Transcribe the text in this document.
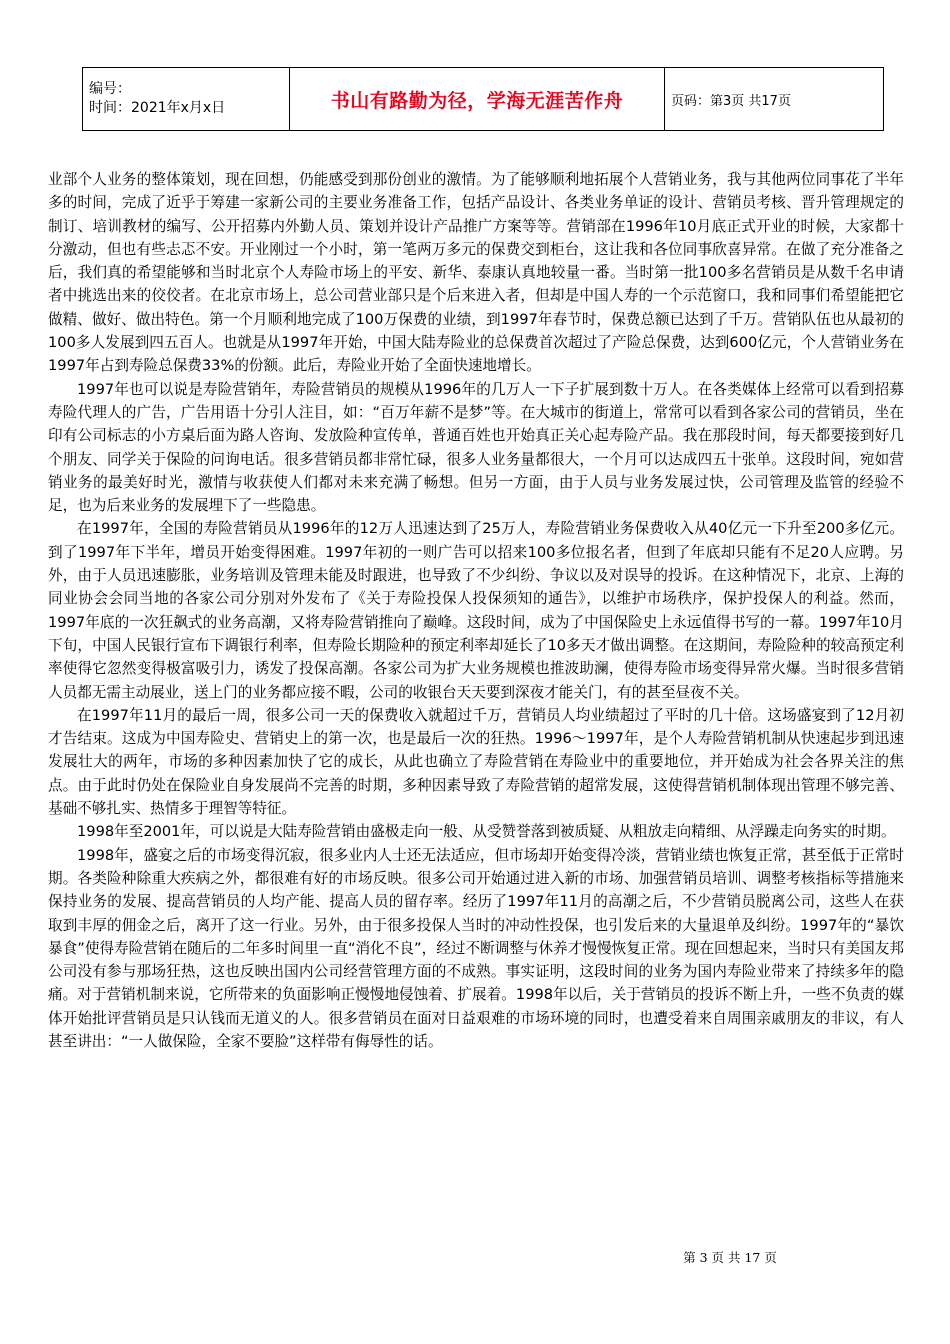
编号：
时间：2021年x月x日	书山有路勤为径，学海无涯苦作舟	页码：第3页 共17页

业部个人业务的整体策划，现在回想，仍能感受到那份创业的激情。为了能够顺利地拓展个人营销业务，我与其他两位同事花了半年多的时间，完成了近乎于筹建一家新公司的主要业务准备工作，包括产品设计、各类业务单证的设计、营销员考核、晋升管理规定的制订、培训教材的编写、公开招募内外勤人员、策划并设计产品推广方案等等。营销部在1996年10月底正式开业的时候，大家都十分激动，但也有些忐忑不安。开业刚过一个小时，第一笔两万多元的保费交到柜台，这让我和各位同事欣喜异常。在做了充分准备之后，我们真的希望能够和当时北京个人寿险市场上的平安、新华、泰康认真地较量一番。当时第一批100多名营销员是从数千名申请者中挑选出来的佼佼者。在北京市场上，总公司营业部只是个后来进入者，但却是中国人寿的一个示范窗口，我和同事们希望能把它做精、做好、做出特色。第一个月顺利地完成了100万保费的业绩，到1997年春节时，保费总额已达到了千万。营销队伍也从最初的100多人发展到四五百人。也就是从1997年开始，中国大陆寿险业的总保费首次超过了产险总保费，达到600亿元，个人营销业务在1997年占到寿险总保费33%的份额。此后，寿险业开始了全面快速地增长。

1997年也可以说是寿险营销年，寿险营销员的规模从1996年的几万人一下子扩展到数十万人。在各类媒体上经常可以看到招募寿险代理人的广告，广告用语十分引人注目，如：“百万年薪不是梦”等。在大城市的街道上，常常可以看到各家公司的营销员，坐在印有公司标志的小方桌后面为路人咨询、发放险种宣传单，普通百姓也开始真正关心起寿险产品。我在那段时间，每天都要接到好几个朋友、同学关于保险的问询电话。很多营销员都非常忙碌，很多人业务量都很大，一个月可以达成四五十张单。这段时间，宛如营销业务的最美好时光，激情与收获使人们都对未来充满了畅想。但另一方面，由于人员与业务发展过快，公司管理及监管的经验不足，也为后来业务的发展埋下了一些隐患。

在1997年，全国的寿险营销员从1996年的12万人迅速达到了25万人，寿险营销业务保费收入从40亿元一下升至200多亿元。到了1997年下半年，增员开始变得困难。1997年初的一则广告可以招来100多位报名者，但到了年底却只能有不足20人应聘。另外，由于人员迅速膨胀，业务培训及管理未能及时跟进，也导致了不少纠纷、争议以及对误导的投诉。在这种情况下，北京、上海的同业协会会同当地的各家公司分别对外发布了《关于寿险投保人投保须知的通告》，以维护市场秩序，保护投保人的利益。然而，1997年底的一次狂飙式的业务高潮，又将寿险营销推向了巅峰。这段时间，成为了中国保险史上永远值得书写的一幕。1997年10月下旬，中国人民银行宣布下调银行利率，但寿险长期险种的预定利率却延长了10多天才做出调整。在这期间，寿险险种的较高预定利率使得它忽然变得极富吸引力，诱发了投保高潮。各家公司为扩大业务规模也推波助澜，使得寿险市场变得异常火爆。当时很多营销人员都无需主动展业，送上门的业务都应接不暇，公司的收银台天天要到深夜才能关门，有的甚至昼夜不关。

在1997年11月的最后一周，很多公司一天的保费收入就超过千万，营销员人均业绩超过了平时的几十倍。这场盛宴到了12月初才告结束。这成为中国寿险史、营销史上的第一次，也是最后一次的狂热。1996～1997年，是个人寿险营销机制从快速起步到迅速发展壮大的两年，市场的多种因素加快了它的成长，从此也确立了寿险营销在寿险业中的重要地位，并开始成为社会各界关注的焦点。由于此时仍处在保险业自身发展尚不完善的时期，多种因素导致了寿险营销的超常发展，这使得营销机制体现出管理不够完善、基础不够扎实、热情多于理智等特征。

1998年至2001年，可以说是大陆寿险营销由盛极走向一般、从受赞誉落到被质疑、从粗放走向精细、从浮躁走向务实的时期。

1998年，盛宴之后的市场变得沉寂，很多业内人士还无法适应，但市场却开始变得冷淡，营销业绩也恢复正常，甚至低于正常时期。各类险种除重大疾病之外，都很难有好的市场反映。很多公司开始通过进入新的市场、加强营销员培训、调整考核指标等措施来保持业务的发展、提高营销员的人均产能、提高人员的留存率。经历了1997年11月的高潮之后，不少营销员脱离公司，这些人在获取到丰厚的佣金之后，离开了这一行业。另外，由于很多投保人当时的冲动性投保，也引发后来的大量退单及纠纷。1997年的“暴饮暴食”使得寿险营销在随后的二年多时间里一直“消化不良”，经过不断调整与休养才慢慢恢复正常。现在回想起来，当时只有美国友邦公司没有参与那场狂热，这也反映出国内公司经营管理方面的不成熟。事实证明，这段时间的业务为国内寿险业带来了持续多年的隐痛。对于营销机制来说，它所带来的负面影响正慢慢地侵蚀着、扩展着。1998年以后，关于营销员的投诉不断上升，一些不负责的媒体开始批评营销员是只认钱而无道义的人。很多营销员在面对日益艰难的市场环境的同时，也遭受着来自周围亲戚朋友的非议，有人甚至讲出：“一人做保险，全家不要脸”这样带有侮辱性的话。

第 3 页 共 17 页
